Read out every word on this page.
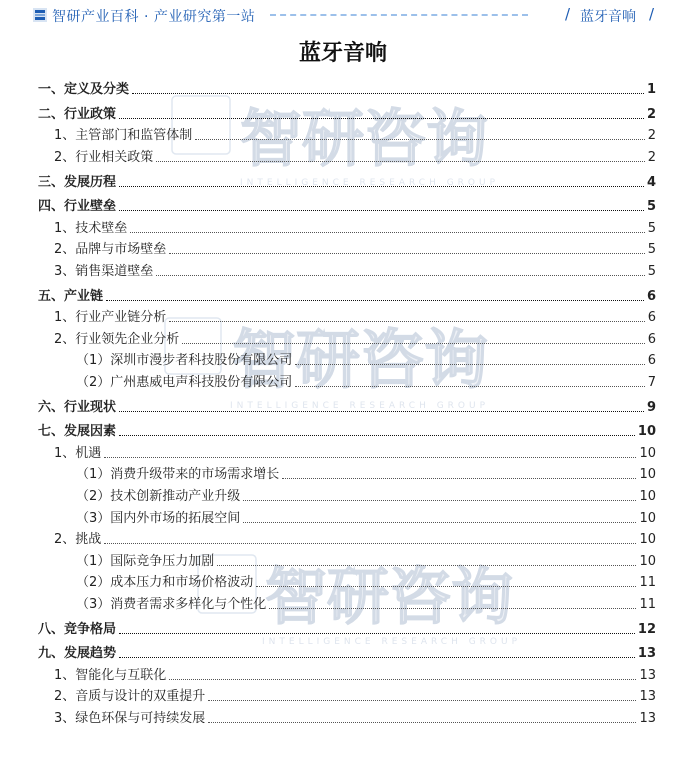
智研产业百科 · 产业研究第一站	/ 蓝牙音响 /
智研咨询
智研咨询
智研咨询
INTELLIGENCE RESEARCH GROUP
INTELLIGENCE RESEARCH GROUP
INTELLIGENCE RESEARCH GROUP
蓝牙音响
一、定义及分类	1
二、行业政策	2
1、主管部门和监管体制	2
2、行业相关政策	2
三、发展历程	4
四、行业壁垒	5
1、技术壁垒	5
2、品牌与市场壁垒	5
3、销售渠道壁垒	5
五、产业链	6
1、行业产业链分析	6
2、行业领先企业分析	6
（1）深圳市漫步者科技股份有限公司	6
（2）广州惠威电声科技股份有限公司	7
六、行业现状	9
七、发展因素	10
1、机遇	10
（1）消费升级带来的市场需求增长	10
（2）技术创新推动产业升级	10
（3）国内外市场的拓展空间	10
2、挑战	10
（1）国际竞争压力加剧	10
（2）成本压力和市场价格波动	11
（3）消费者需求多样化与个性化	11
八、竞争格局	12
九、发展趋势	13
1、智能化与互联化	13
2、音质与设计的双重提升	13
3、绿色环保与可持续发展	13
